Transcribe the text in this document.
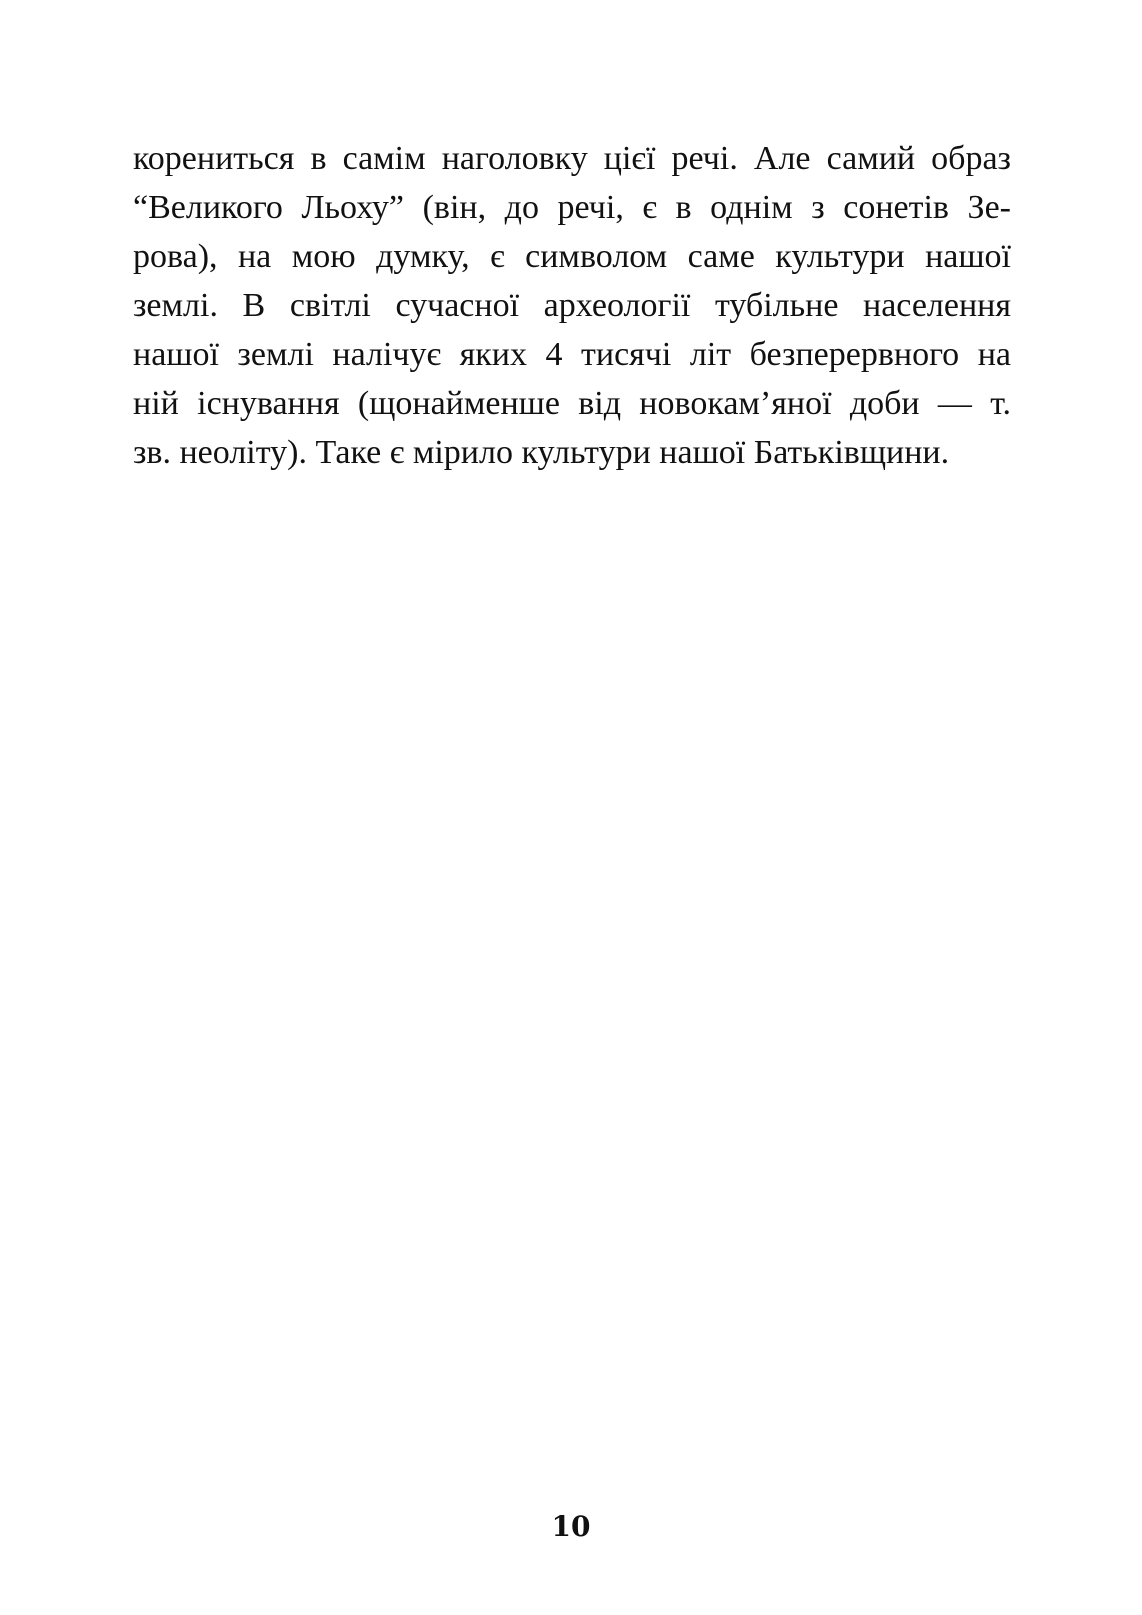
корениться в самім наголовку цієї речі. Але самий образ
“Великого Льоху” (він, до речі, є в однім з сонетів Зе-
рова), на мою думку, є символом саме культури нашої
землі. В світлі сучасної археології тубільне населення
нашої землі налічує яких 4 тисячі літ безперервного на
ній існування (щонайменше від новокам’яної доби — т.
зв. неоліту). Таке є мірило культури нашої Батьківщини.
10
